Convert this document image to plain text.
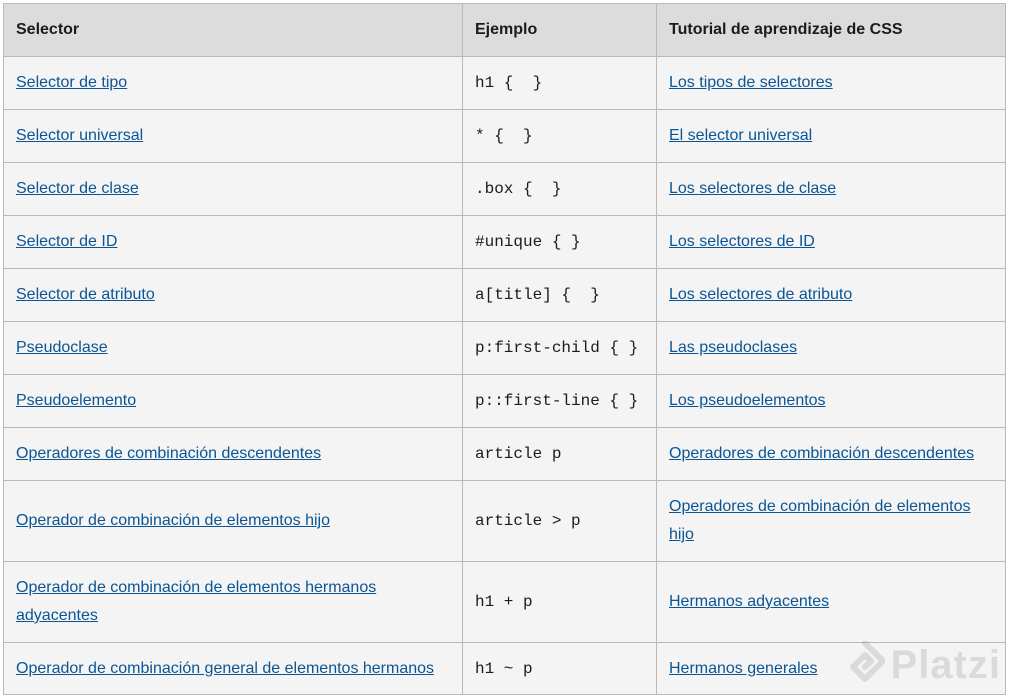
Selector	Ejemplo	Tutorial de aprendizaje de CSS
Selector de tipo	h1 {  }	Los tipos de selectores
Selector universal	* {  }	El selector universal
Selector de clase	.box {  }	Los selectores de clase
Selector de ID	#unique { }	Los selectores de ID
Selector de atributo	a[title] {  }	Los selectores de atributo
Pseudoclase	p:first-child { }	Las pseudoclases
Pseudoelemento	p::first-line { }	Los pseudoelementos
Operadores de combinación descendentes	article p	Operadores de combinación descendentes
Operador de combinación de elementos hijo	article > p	Operadores de combinación de elementos hijo
Operador de combinación de elementos hermanos adyacentes	h1 + p	Hermanos adyacentes
Operador de combinación general de elementos hermanos	h1 ~ p	Hermanos generales
